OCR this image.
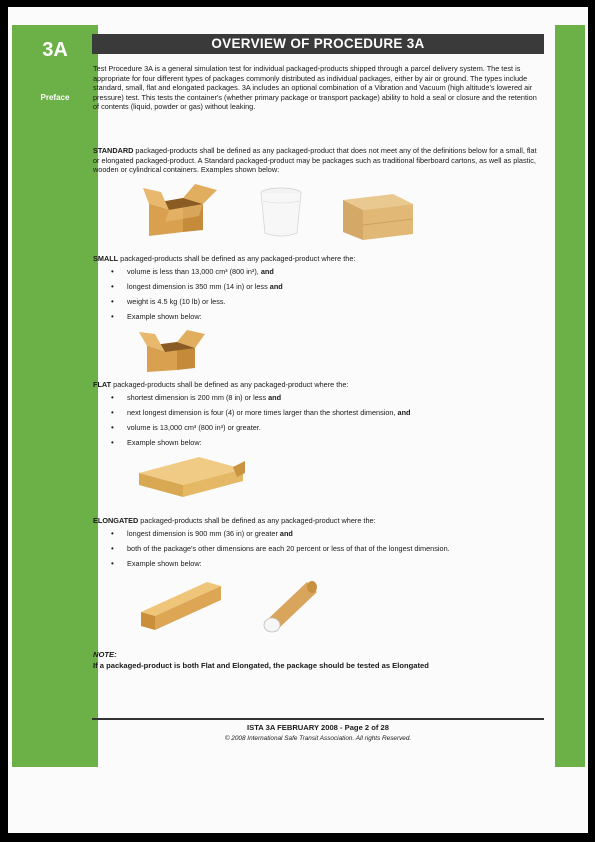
3A
Preface
OVERVIEW OF PROCEDURE 3A

Test Procedure 3A is a general simulation test for individual packaged-products shipped through a parcel delivery system. The test is appropriate for four different types of packages commonly distributed as individual packages, either by air or ground. The types include standard, small, flat and elongated packages. 3A includes an optional combination of a Vibration and Vacuum (high altitude's lowered air pressure) test. This tests the container's (whether primary package or transport package) ability to hold a seal or closure and the retention of contents (liquid, powder or gas) without leaking.

STANDARD packaged-products shall be defined as any packaged-product that does not meet any of the definitions below for a small, flat or elongated packaged-product. A Standard packaged-product may be packages such as traditional fiberboard cartons, as well as plastic, wooden or cylindrical containers. Examples shown below:
SMALL packaged-products shall be defined as any packaged-product where the:
• volume is less than 13,000 cm³ (800 in³), and
• longest dimension is 350 mm (14 in) or less and
• weight is 4.5 kg (10 lb) or less.
• Example shown below:
FLAT packaged-products shall be defined as any packaged-product where the:
• shortest dimension is 200 mm (8 in) or less and
• next longest dimension is four (4) or more times larger than the shortest dimension, and
• volume is 13,000 cm³ (800 in³) or greater.
• Example shown below:
ELONGATED packaged-products shall be defined as any packaged-product where the:
• longest dimension is 900 mm (36 in) or greater and
• both of the package's other dimensions are each 20 percent or less of that of the longest dimension.
• Example shown below:
NOTE:
If a packaged-product is both Flat and Elongated, the package should be tested as Elongated
ISTA 3A FEBRUARY 2008 - Page 2 of 28
© 2008 International Safe Transit Association. All rights Reserved.
